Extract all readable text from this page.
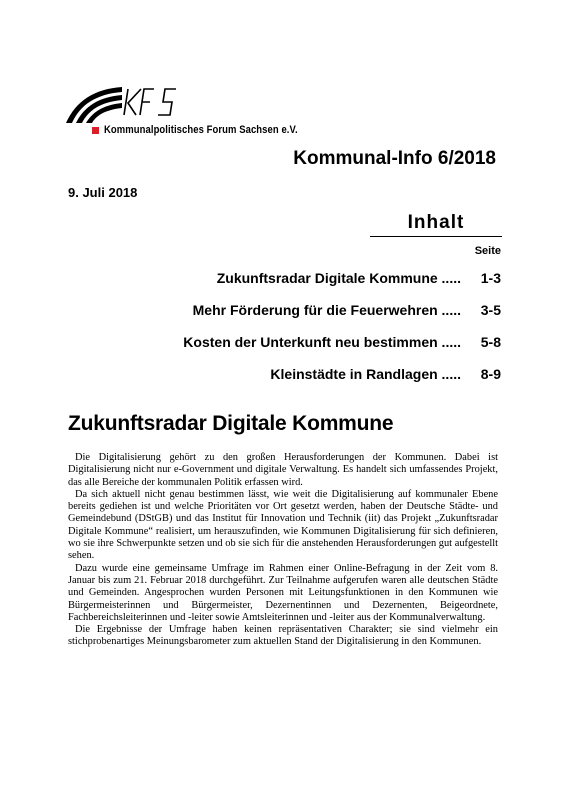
Kommunalpolitisches Forum Sachsen e.V.
Kommunal-Info 6/2018
9. Juli 2018
Inhalt
Seite
Zukunftsradar Digitale Kommune .....	1-3
Mehr Förderung für die Feuerwehren .....	3-5
Kosten der Unterkunft neu bestimmen .....	5-8
Kleinstädte in Randlagen .....	8-9
Zukunftsradar Digitale Kommune

Die Digitalisierung gehört zu den großen Herausforderungen der Kommunen. Dabei ist Digitalisierung nicht nur e-Government und digitale Verwaltung. Es handelt sich umfassendes Projekt, das alle Bereiche der kommunalen Politik erfassen wird.

Da sich aktuell nicht genau bestimmen lässt, wie weit die Digitalisierung auf kommunaler Ebene bereits gediehen ist und welche Prioritäten vor Ort gesetzt werden, haben der Deutsche Städte- und Gemeindebund (DStGB) und das Institut für Innovation und Technik (iit) das Projekt „Zukunftsradar Digitale Kommune“ realisiert, um herauszufinden, wie Kommunen Digitalisierung für sich definieren, wo sie ihre Schwerpunkte setzen und ob sie sich für die anstehenden Herausforderungen gut aufgestellt sehen.

Dazu wurde eine gemeinsame Umfrage im Rahmen einer Online-Befragung in der Zeit vom 8. Januar bis zum 21. Februar 2018 durchgeführt. Zur Teilnahme aufgerufen waren alle deutschen Städte und Gemeinden. Angesprochen wurden Personen mit Leitungsfunktionen in den Kommunen wie Bürgermeisterinnen und Bürgermeister, Dezernentinnen und Dezernenten, Beigeordnete, Fachbereichsleiterinnen und -leiter sowie Amtsleiterinnen und -leiter aus der Kommunalverwaltung.

Die Ergebnisse der Umfrage haben keinen repräsentativen Charakter; sie sind vielmehr ein stichprobenartiges Meinungsbarometer zum aktuellen Stand der Digitalisierung in den Kommunen.
